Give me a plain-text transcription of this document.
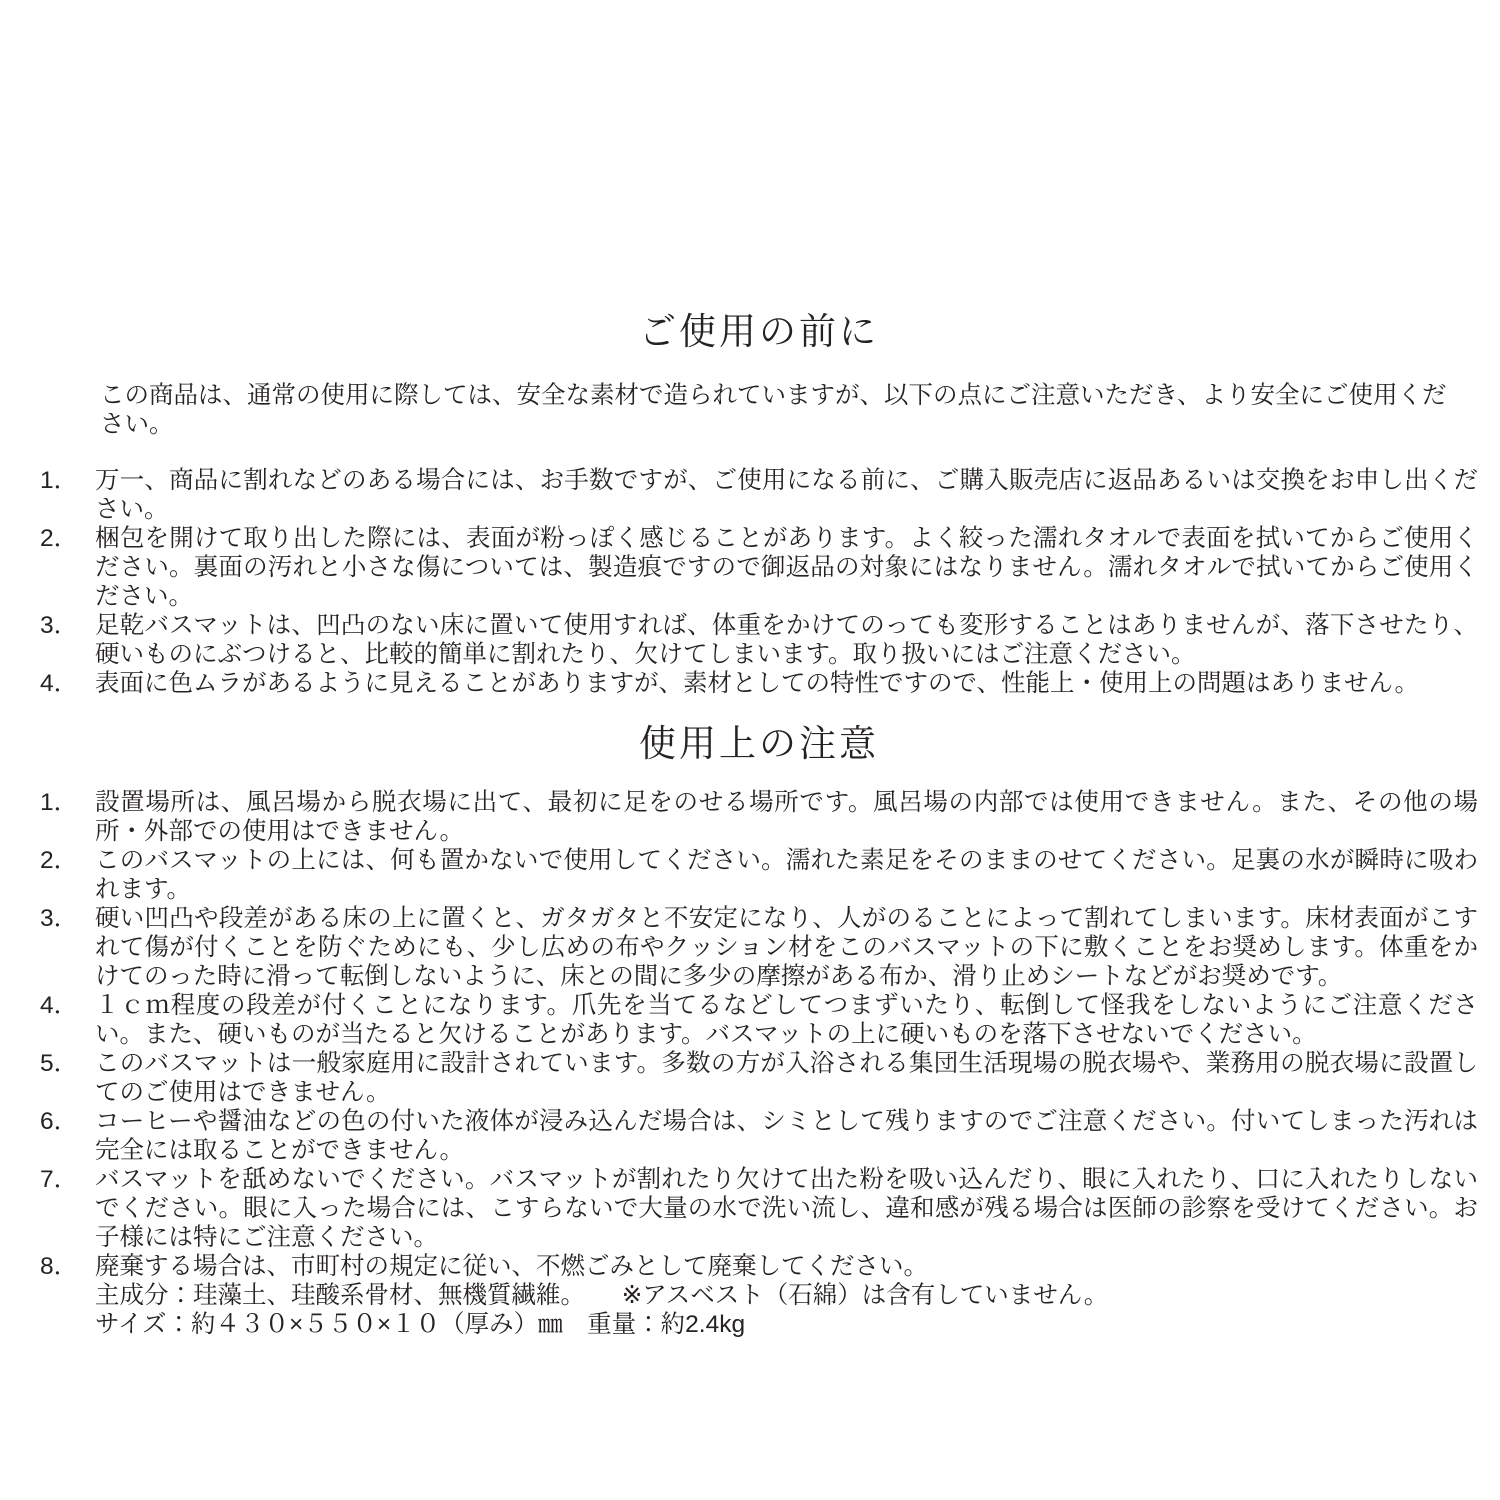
ご使用の前に

この商品は、通常の使用に際しては、安全な素材で造られていますが、以下の点にご注意いただき、より安全にご使用ください。

1． 万一、商品に割れなどのある場合には、お手数ですが、ご使用になる前に、ご購入販売店に返品あるいは交換をお申し出ください。
2． 梱包を開けて取り出した際には、表面が粉っぽく感じることがあります。よく絞った濡れタオルで表面を拭いてからご使用ください。裏面の汚れと小さな傷については、製造痕ですので御返品の対象にはなりません。濡れタオルで拭いてからご使用ください。
3． 足乾バスマットは、凹凸のない床に置いて使用すれば、体重をかけてのっても変形することはありませんが、落下させたり、硬いものにぶつけると、比較的簡単に割れたり、欠けてしまいます。取り扱いにはご注意ください。
4． 表面に色ムラがあるように見えることがありますが、素材としての特性ですので、性能上・使用上の問題はありません。
使用上の注意
1． 設置場所は、風呂場から脱衣場に出て、最初に足をのせる場所です。風呂場の内部では使用できません。また、その他の場所・外部での使用はできません。
2． このバスマットの上には、何も置かないで使用してください。濡れた素足をそのままのせてください。足裏の水が瞬時に吸われます。
3． 硬い凹凸や段差がある床の上に置くと、ガタガタと不安定になり、人がのることによって割れてしまいます。床材表面がこすれて傷が付くことを防ぐためにも、少し広めの布やクッション材をこのバスマットの下に敷くことをお奨めします。体重をかけてのった時に滑って転倒しないように、床との間に多少の摩擦がある布か、滑り止めシートなどがお奨めです。
4． １ｃｍ程度の段差が付くことになります。爪先を当てるなどしてつまずいたり、転倒して怪我をしないようにご注意ください。また、硬いものが当たると欠けることがあります。バスマットの上に硬いものを落下させないでください。
5． このバスマットは一般家庭用に設計されています。多数の方が入浴される集団生活現場の脱衣場や、業務用の脱衣場に設置してのご使用はできません。
6． コーヒーや醤油などの色の付いた液体が浸み込んだ場合は、シミとして残りますのでご注意ください。付いてしまった汚れは完全には取ることができません。
7． バスマットを舐めないでください。バスマットが割れたり欠けて出た粉を吸い込んだり、眼に入れたり、口に入れたりしないでください。眼に入った場合には、こすらないで大量の水で洗い流し、違和感が残る場合は医師の診察を受けてください。お子様には特にご注意ください。
8． 廃棄する場合は、市町村の規定に従い、不燃ごみとして廃棄してください。
主成分：珪藻土、珪酸系骨材、無機質繊維。　　※アスベスト（石綿）は含有していません。
サイズ：約４３０×５５０×１０（厚み）㎜　重量：約2.4kg
